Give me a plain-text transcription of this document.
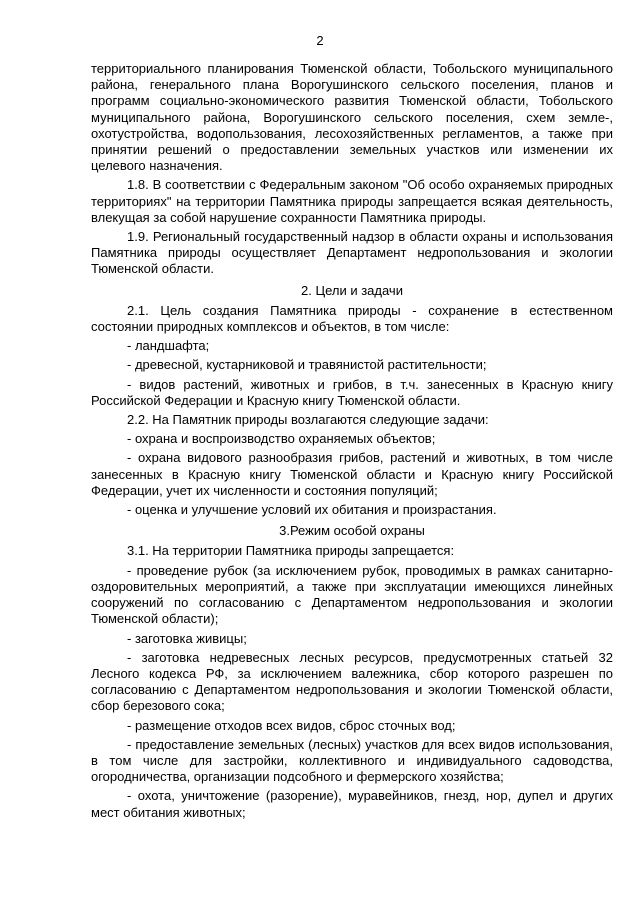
2

территориального планирования Тюменской области, Тобольского муниципального района, генерального плана Ворогушинского сельского поселения, планов и программ социально-экономического развития Тюменской области, Тобольского муниципального района, Ворогушинского сельского поселения, схем земле-, охотустройства, водопользования, лесохозяйственных регламентов, а также при принятии решений о предоставлении земельных участков или изменении их целевого назначения.

1.8. В соответствии с Федеральным законом "Об особо охраняемых природных территориях" на территории Памятника природы запрещается всякая деятельность, влекущая за собой нарушение сохранности Памятника природы.

1.9. Региональный государственный надзор в области охраны и использования Памятника природы осуществляет Департамент недропользования и экологии Тюменской области.

2. Цели и задачи

2.1. Цель создания Памятника природы - сохранение в естественном состоянии природных комплексов и объектов, в том числе:

- ландшафта;

- древесной, кустарниковой и травянистой растительности;

- видов растений, животных и грибов, в т.ч. занесенных в Красную книгу Российской Федерации и Красную книгу Тюменской области.

2.2. На Памятник природы возлагаются следующие задачи:

- охрана и воспроизводство охраняемых объектов;

- охрана видового разнообразия грибов, растений и животных, в том числе занесенных в Красную книгу Тюменской области и Красную книгу Российской Федерации, учет их численности и состояния популяций;

- оценка и улучшение условий их обитания и произрастания.

3.Режим особой охраны

3.1. На территории Памятника природы запрещается:

- проведение рубок (за исключением рубок, проводимых в рамках санитарно-оздоровительных мероприятий, а также при эксплуатации имеющихся линейных сооружений по согласованию с Департаментом недропользования и экологии Тюменской области);

- заготовка живицы;

- заготовка недревесных лесных ресурсов, предусмотренных статьей 32 Лесного кодекса РФ, за исключением валежника, сбор которого разрешен по согласованию с Департаментом недропользования и экологии Тюменской области, сбор березового сока;

- размещение отходов всех видов, сброс сточных вод;

- предоставление земельных (лесных) участков для всех видов использования, в том числе для застройки, коллективного и индивидуального садоводства, огородничества, организации подсобного и фермерского хозяйства;

- охота, уничтожение (разорение), муравейников, гнезд, нор, дупел и других мест обитания животных;
